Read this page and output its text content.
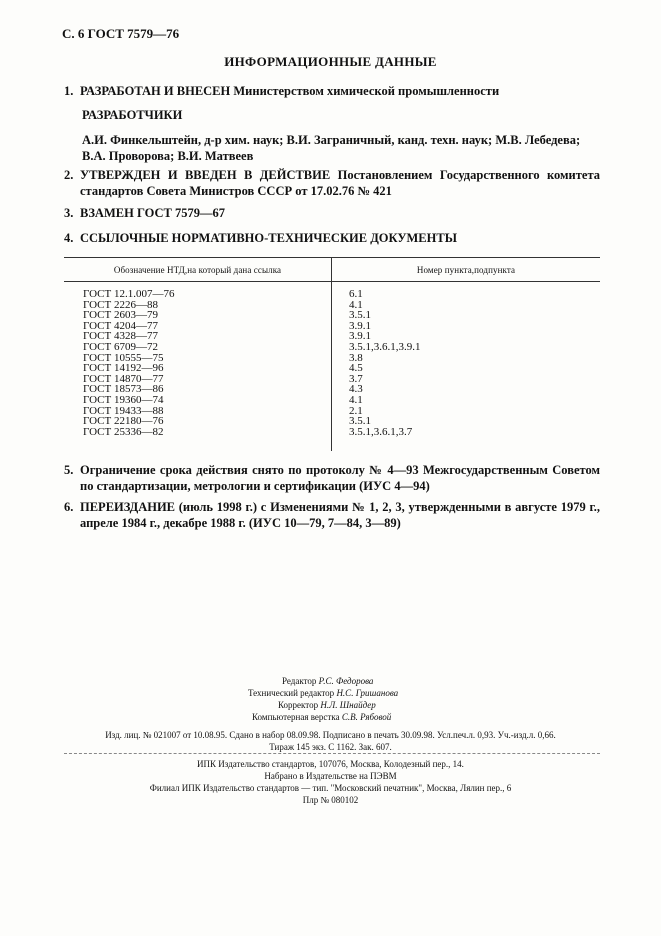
С. 6 ГОСТ 7579—76
ИНФОРМАЦИОННЫЕ ДАННЫЕ
1. РАЗРАБОТАН И ВНЕСЕН Министерством химической промышленности
РАЗРАБОТЧИКИ
А.И. Финкельштейн, д-р хим. наук; В.И. Заграничный, канд. техн. наук; М.В. Лебедева;
В.А. Проворова; В.И. Матвеев
2. УТВЕРЖДЕН И ВВЕДЕН В ДЕЙСТВИЕ Постановлением Государственного комитета стандартов Совета Министров СССР от 17.02.76 № 421
3. ВЗАМЕН ГОСТ 7579—67
4. ССЫЛОЧНЫЕ НОРМАТИВНО-ТЕХНИЧЕСКИЕ ДОКУМЕНТЫ
Обозначение НТД,на который дана ссылка	Номер пункта,подпункта
ГОСТ 12.1.007—76
ГОСТ 2226—88
ГОСТ 2603—79
ГОСТ 4204—77
ГОСТ 4328—77
ГОСТ 6709—72
ГОСТ 10555—75
ГОСТ 14192—96
ГОСТ 14870—77
ГОСТ 18573—86
ГОСТ 19360—74
ГОСТ 19433—88
ГОСТ 22180—76
ГОСТ 25336—82
6.1
4.1
3.5.1
3.9.1
3.9.1
3.5.1,3.6.1,3.9.1
3.8
4.5
3.7
4.3
4.1
2.1
3.5.1
3.5.1,3.6.1,3.7
5. Ограничение срока действия снято по протоколу № 4—93 Межгосударственным Советом по стандартизации, метрологии и сертификации (ИУС 4—94)
6. ПЕРЕИЗДАНИЕ (июль 1998 г.) с Изменениями № 1, 2, 3, утвержденными в августе 1979 г., апреле 1984 г., декабре 1988 г. (ИУС 10—79, 7—84, 3—89)
Редактор Р.С. Федорова
Технический редактор Н.С. Гришанова
Корректор Н.Л. Шнайдер
Компьютерная верстка С.В. Рябовой
Изд. лиц. № 021007 от 10.08.95. Сдано в набор 08.09.98. Подписано в печать 30.09.98. Усл.печ.л. 0,93. Уч.-изд.л. 0,66.
Тираж 145 экз. С 1162. Зак. 607.
ИПК Издательство стандартов, 107076, Москва, Колодезный пер., 14.
Набрано в Издательстве на ПЭВМ
Филиал ИПК Издательство стандартов — тип. "Московский печатник", Москва, Лялин пер., 6
Плр № 080102
